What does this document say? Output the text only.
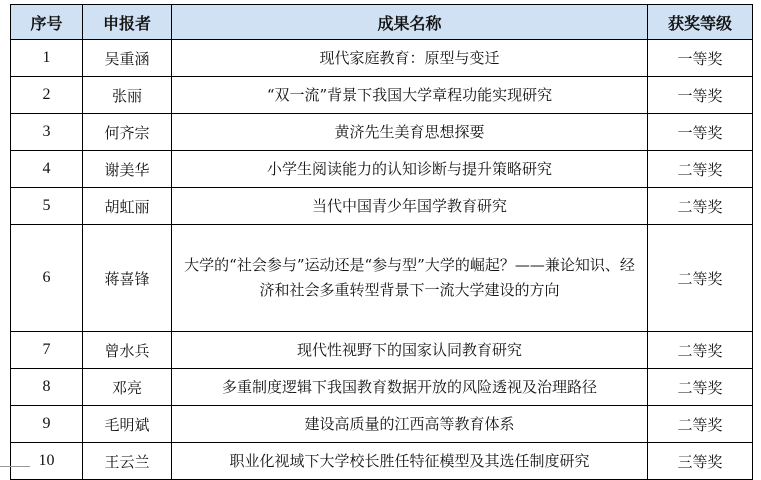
序号	申报者	成果名称	获奖等级
1	吴重涵	现代家庭教育：原型与变迁	一等奖
2	张丽	“双一流”背景下我国大学章程功能实现研究	一等奖
3	何齐宗	黄济先生美育思想探要	一等奖
4	谢美华	小学生阅读能力的认知诊断与提升策略研究	二等奖
5	胡虹丽	当代中国青少年国学教育研究	二等奖
6	蒋喜锋	大学的“社会参与”运动还是“参与型”大学的崛起？——兼论知识、经济和社会多重转型背景下一流大学建设的方向	二等奖
7	曾水兵	现代性视野下的国家认同教育研究	二等奖
8	邓亮	多重制度逻辑下我国教育数据开放的风险透视及治理路径	二等奖
9	毛明斌	建设高质量的江西高等教育体系	二等奖
10	王云兰	职业化视域下大学校长胜任特征模型及其选任制度研究	三等奖
